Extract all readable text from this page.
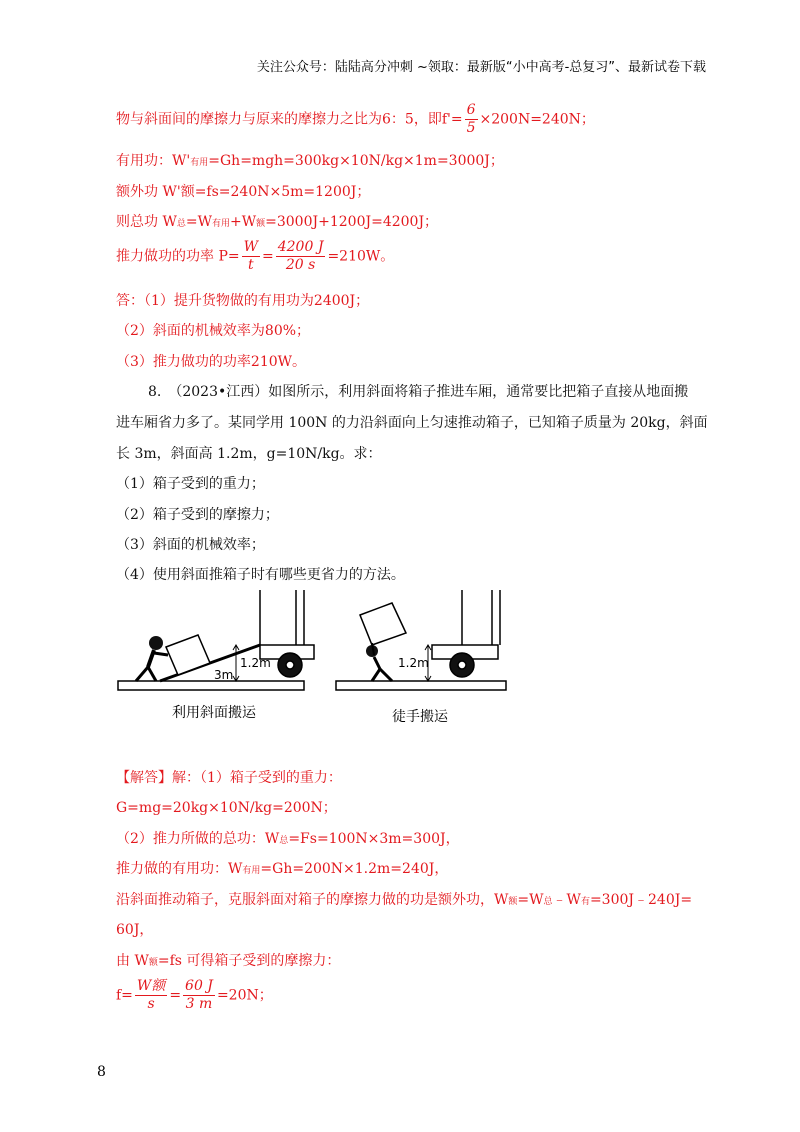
关注公众号：陆陆高分冲刺 ~领取：最新版“小中高考-总复习”、最新试卷下载
物与斜面间的摩擦力与原来的摩擦力之比为6：5，即$f'= \frac{6}{5} \times 200N=240N$；
有用功：W'有用=Gh=mgh=300kg×10N/kg×1m=3000J；
额外功 W'额=fs=240N×5m=1200J；
则总功 W总=W有用+W额=3000J+1200J=4200J；
推力做功的功率 $P= \frac{W}{t} = \frac{4200 J}{20 s} =210W$。
答：（1）提升货物做的有用功为2400J；
（2）斜面的机械效率为80%；
（3）推力做功的功率210W。
8.　（2023•江西）如图所示，利用斜面将箱子推进车厢，通常要比把箱子直接从地面搬
进车厢省力多了。某同学用 100N 的力沿斜面向上匀速推动箱子，已知箱子质量为 20kg，斜面
长 3m，斜面高 1.2m，g=10N/kg。求：
（1）箱子受到的重力；
（2）箱子受到的摩擦力；
（3）斜面的机械效率；
（4）使用斜面推箱子时有哪些更省力的方法。
1.2m
3m
1.2m
利用斜面搬运	徒手搬运
【解答】解：（1）箱子受到的重力：
G=mg=20kg×10N/kg=200N；
（2）推力所做的总功：W总=Fs=100N×3m=300J，
推力做的有用功：W有用=Gh=200N×1.2m=240J，
沿斜面推动箱子，克服斜面对箱子的摩擦力做的功是额外功，W额=W总﹣W有=300J﹣240J=
60J，
由 W额=fs 可得箱子受到的摩擦力：
$f= \frac{\text{W额}}{s} = \frac{60 J}{3 m} =20N$；
8
